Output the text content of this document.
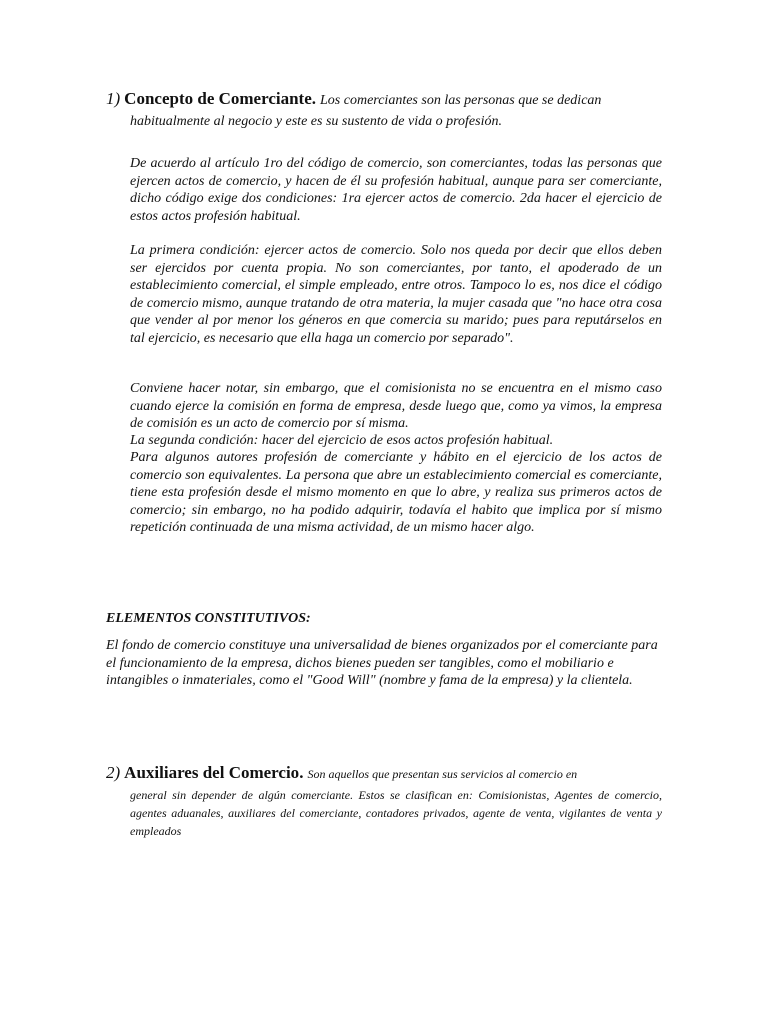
1) Concepto de Comerciante. Los comerciantes son las personas que se dedican

habitualmente al negocio y este es su sustento de vida o profesión.

De acuerdo al artículo 1ro del código de comercio, son comerciantes, todas las personas que ejercen actos de comercio, y hacen de él su profesión habitual, aunque para ser comerciante, dicho código exige dos condiciones: 1ra ejercer actos de comercio. 2da hacer el ejercicio de estos actos profesión habitual.

La primera condición: ejercer actos de comercio. Solo nos queda por decir que ellos deben ser ejercidos por cuenta propia. No son comerciantes, por tanto, el apoderado de un establecimiento comercial, el simple empleado, entre otros. Tampoco lo es, nos dice el código de comercio mismo, aunque tratando de otra materia, la mujer casada que "no hace otra cosa que vender al por menor los géneros en que comercia su marido; pues para reputárselos en tal ejercicio, es necesario que ella haga un comercio por separado".

Conviene hacer notar, sin embargo, que el comisionista no se encuentra en el mismo caso cuando ejerce la comisión en forma de empresa, desde luego que, como ya vimos, la empresa de comisión es un acto de comercio por sí misma.

La segunda condición: hacer del ejercicio de esos actos profesión habitual.

Para algunos autores profesión de comerciante y hábito en el ejercicio de los actos de comercio son equivalentes. La persona que abre un establecimiento comercial es comerciante, tiene esta profesión desde el mismo momento en que lo abre, y realiza sus primeros actos de comercio; sin embargo, no ha podido adquirir, todavía el habito que implica por sí mismo repetición continuada de una misma actividad, de un mismo hacer algo.

ELEMENTOS CONSTITUTIVOS:

El fondo de comercio constituye una universalidad de bienes organizados por el comerciante para el funcionamiento de la empresa, dichos bienes pueden ser tangibles, como el mobiliario e intangibles o inmateriales, como el "Good Will" (nombre y fama de la empresa) y la clientela.

2) Auxiliares del Comercio. Son aquellos que presentan sus servicios al comercio en

general sin depender de algún comerciante. Estos se clasifican en: Comisionistas, Agentes de comercio, agentes aduanales, auxiliares del comerciante, contadores privados, agente de venta, vigilantes de venta y empleados
